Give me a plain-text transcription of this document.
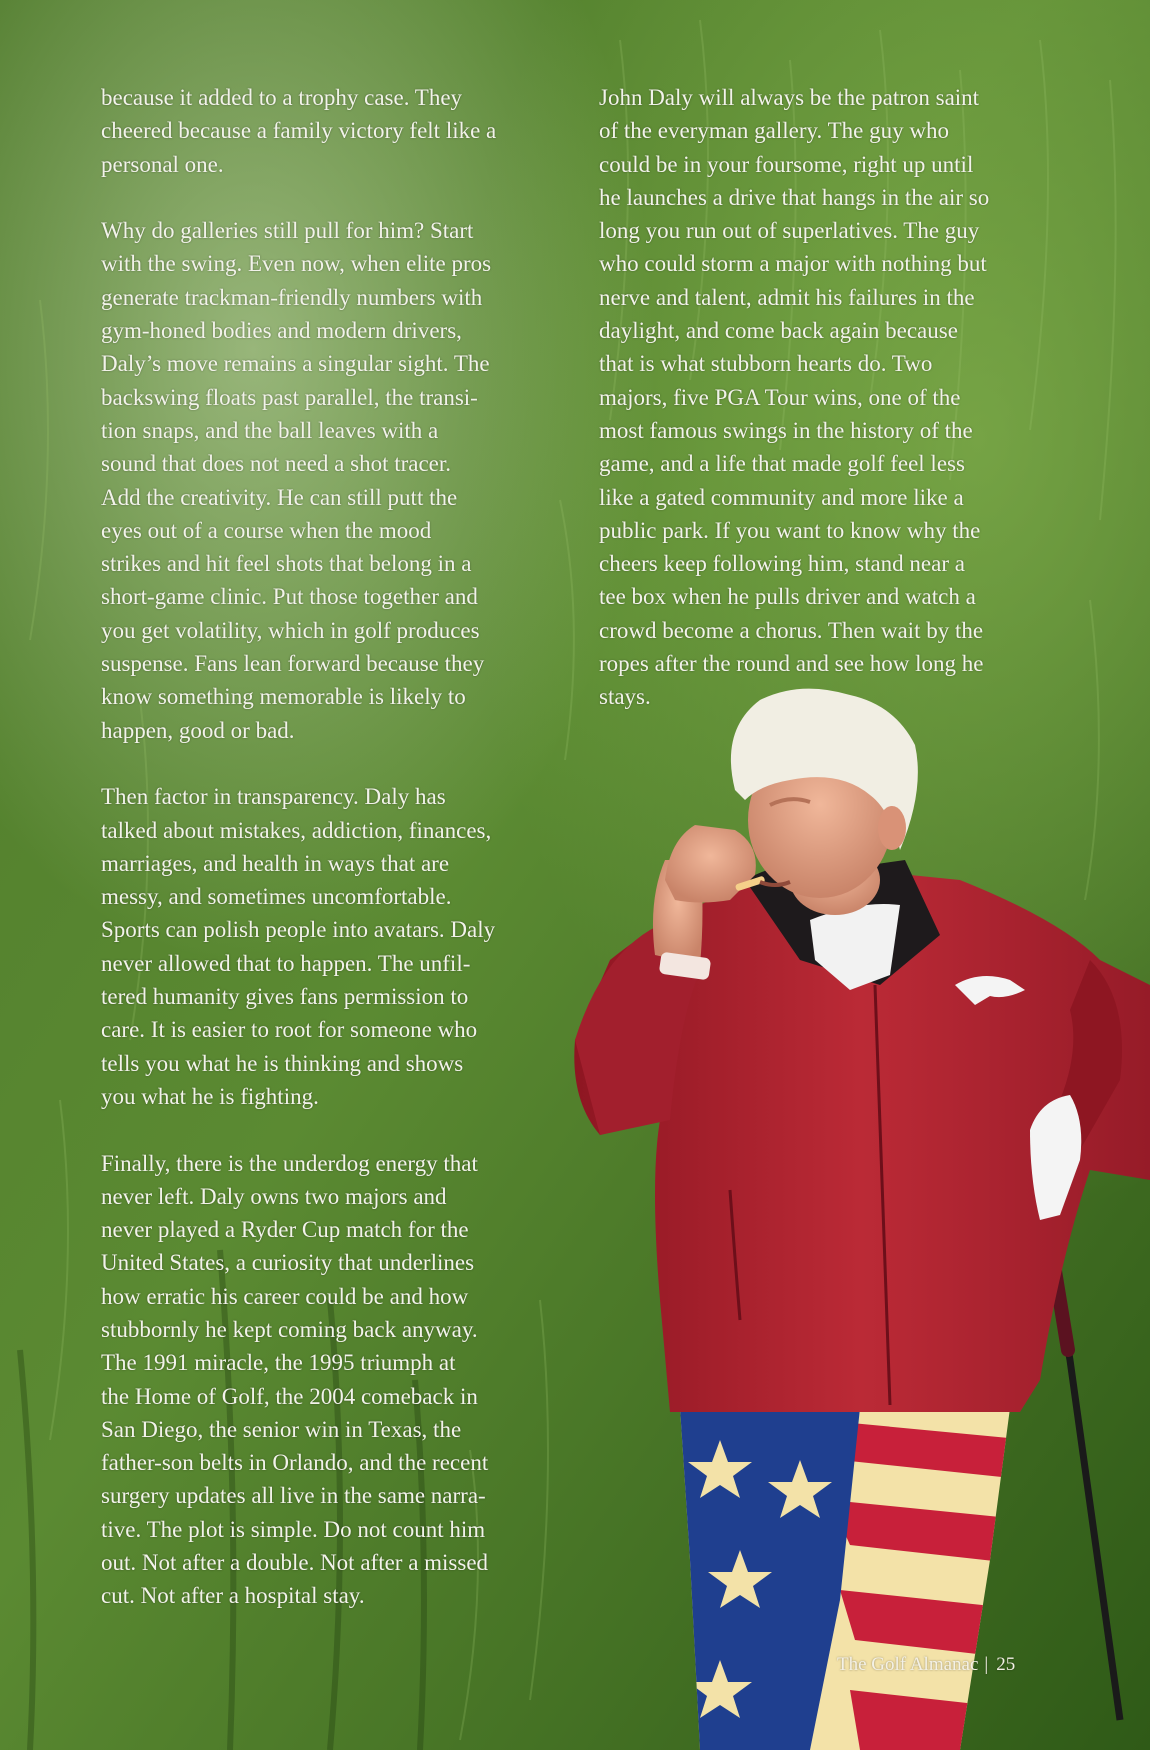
because it added to a trophy case. They
cheered because a family victory felt like a
personal one.

Why do galleries still pull for him? Start
with the swing. Even now, when elite pros
generate trackman-friendly numbers with
gym-honed bodies and modern drivers,
Daly’s move remains a singular sight. The
backswing floats past parallel, the transi-
tion snaps, and the ball leaves with a
sound that does not need a shot tracer.
Add the creativity. He can still putt the
eyes out of a course when the mood
strikes and hit feel shots that belong in a
short-game clinic. Put those together and
you get volatility, which in golf produces
suspense. Fans lean forward because they
know something memorable is likely to
happen, good or bad.

Then factor in transparency. Daly has
talked about mistakes, addiction, finances,
marriages, and health in ways that are
messy, and sometimes uncomfortable.
Sports can polish people into avatars. Daly
never allowed that to happen. The unfil-
tered humanity gives fans permission to
care. It is easier to root for someone who
tells you what he is thinking and shows
you what he is fighting.

Finally, there is the underdog energy that
never left. Daly owns two majors and
never played a Ryder Cup match for the
United States, a curiosity that underlines
how erratic his career could be and how
stubbornly he kept coming back anyway.
The 1991 miracle, the 1995 triumph at
the Home of Golf, the 2004 comeback in
San Diego, the senior win in Texas, the
father-son belts in Orlando, and the recent
surgery updates all live in the same narra-
tive. The plot is simple. Do not count him
out. Not after a double. Not after a missed
cut. Not after a hospital stay.

John Daly will always be the patron saint
of the everyman gallery. The guy who
could be in your foursome, right up until
he launches a drive that hangs in the air so
long you run out of superlatives. The guy
who could storm a major with nothing but
nerve and talent, admit his failures in the
daylight, and come back again because
that is what stubborn hearts do. Two
majors, five PGA Tour wins, one of the
most famous swings in the history of the
game, and a life that made golf feel less
like a gated community and more like a
public park. If you want to know why the
cheers keep following him, stand near a
tee box when he pulls driver and watch a
crowd become a chorus. Then wait by the
ropes after the round and see how long he
stays.

The Golf Almanac | 25
